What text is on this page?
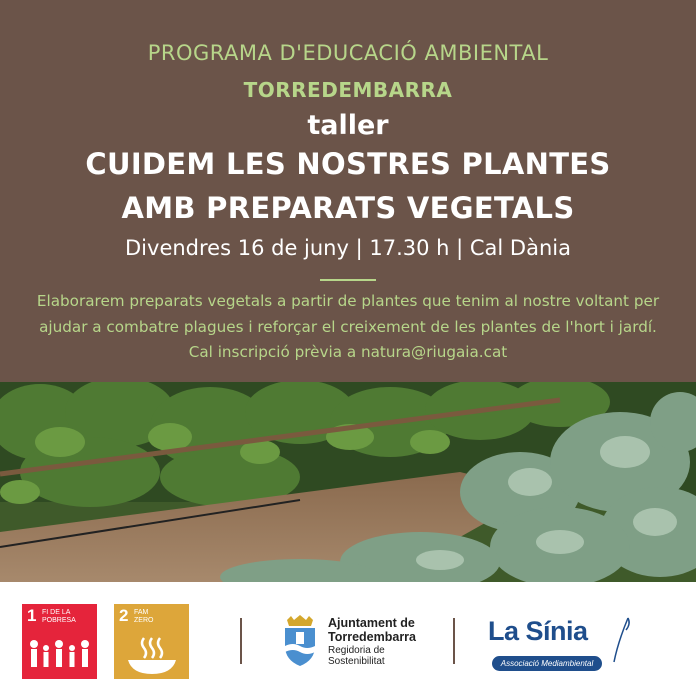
PROGRAMA D'EDUCACIÓ AMBIENTAL
TORREDEMBARRA
taller
CUIDEM LES NOSTRES PLANTES
AMB PREPARATS VEGETALS
Divendres 16 de juny | 17.30 h | Cal Dània
Elaborarem preparats vegetals a partir de plantes que tenim al nostre voltant per
ajudar a combatre plagues i reforçar el creixement de les plantes de l'hort i jardí.
Cal inscripció prèvia a natura@riugaia.cat
1 FI DE LA
POBRESA	2 FAM
ZERO	Ajuntament de
Torredembarra
Regidoria de
Sostenibilitat
La Sínia
Associació Mediambiental
